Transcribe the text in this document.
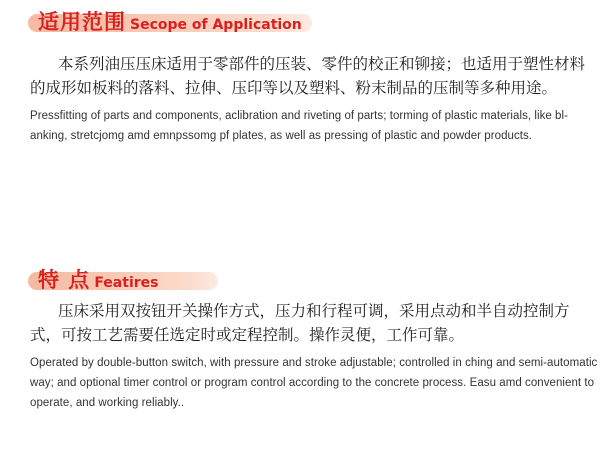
适用范围 Secope of Application

本系列油压压床适用于零部件的压装、零件的校正和铆接；也适用于塑性材料的成形如板料的落料、拉伸、压印等以及塑料、粉末制品的压制等多种用途。

Pressfitting of parts and components, aclibration and riveting of parts; torming of plastic materials, like bl-anking, stretcjomg amd emnpssomg pf plates, as well as pressing of plastic and powder products.

特 点 Featires

压床采用双按钮开关操作方式，压力和行程可调，采用点动和半自动控制方式，可按工艺需要任选定时或定程控制。操作灵便，工作可靠。

Operated by double-button switch, with pressure and stroke adjustable; controlled in ching and semi-automatic way; and optional timer control or program control according to the concrete process. Easu amd convenient to operate, and working reliably..
